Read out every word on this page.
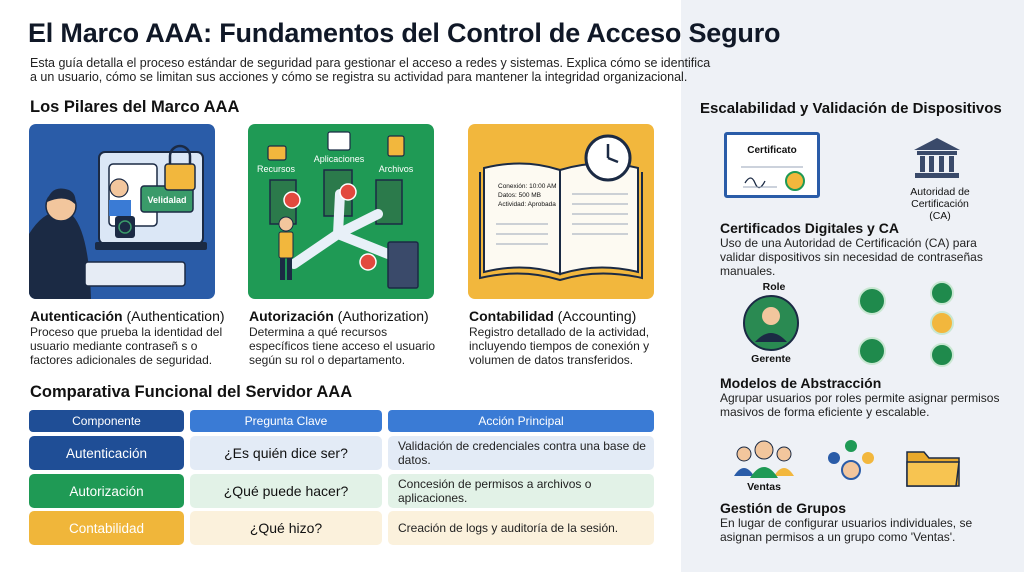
El Marco AAA: Fundamentos del Control de Acceso Seguro
Esta guía detalla el proceso estándar de seguridad para gestionar el acceso a redes y sistemas. Explica cómo se identifica a un usuario, cómo se limitan sus acciones y cómo se registra su actividad para mantener la integridad organizacional.
Los Pilares del Marco AAA
Velidalad
Autenticación (Authentication)
Proceso que prueba la identidad del usuario mediante contraseñ s o factores adicionales de seguridad.
Recursos
Aplicaciones
Archivos
Autorización (Authorization)
Determina a qué recursos específicos tiene acceso el usuario según su rol o departamento.
Conexión: 10:00 AM
Datos: 500 MB
Actividad: Aprobada
Contabilidad (Accounting)
Registro detallado de la actividad, incluyendo tiempos de conexión y volumen de datos transferidos.
Comparativa Funcional del Servidor AAA
Componente	Pregunta Clave	Acción Principal
Autenticación	¿Es quién dice ser?	Validación de credenciales contra una base de datos.
Autorización	¿Qué puede hacer?	Concesión de permisos a archivos o aplicaciones.
Contabilidad	¿Qué hizo?	Creación de logs y auditoría de la sesión.
Escalabilidad y Validación de Dispositivos
Certificato
Autoridad de Certificación (CA)
Certificados Digitales y CA
Uso de una Autoridad de Certificación (CA) para validar dispositivos sin necesidad de contraseñas manuales.
Role
Gerente
Modelos de Abstracción
Agrupar usuarios por roles permite asignar permisos masivos de forma eficiente y escalable.
Ventas
Gestión de Grupos
En lugar de configurar usuarios individuales, se asignan permisos a un grupo como 'Ventas'.
